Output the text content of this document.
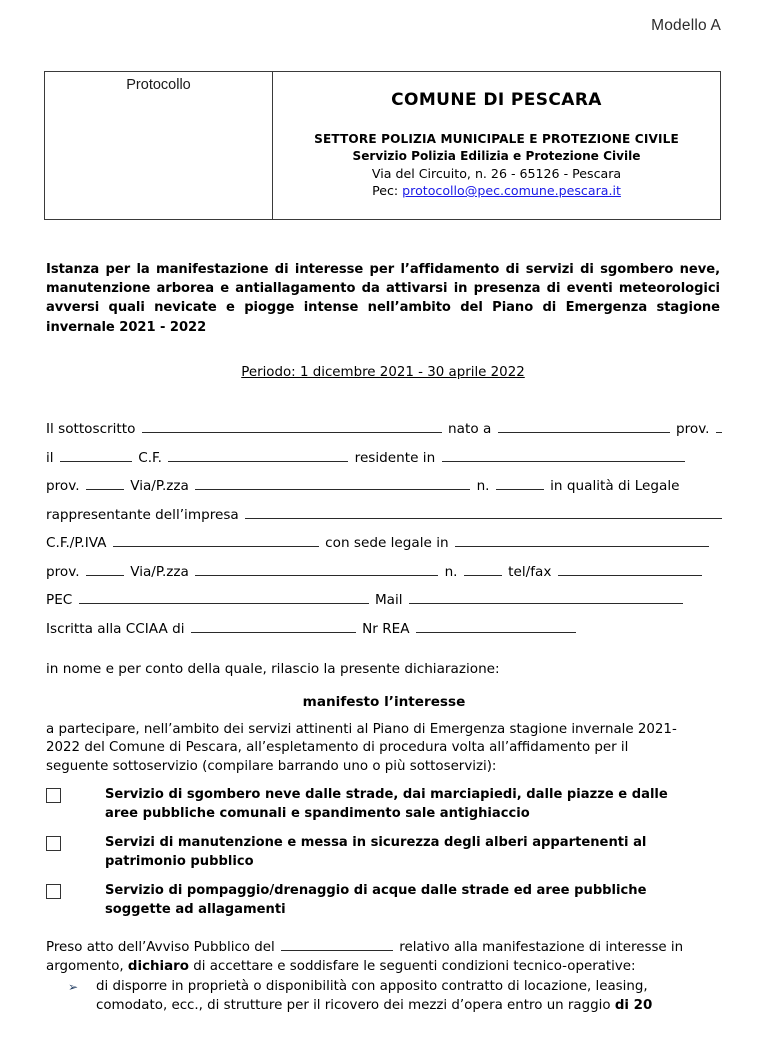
Modello A
Protocollo
COMUNE DI PESCARA
SETTORE POLIZIA MUNICIPALE E PROTEZIONE CIVILE
Servizio Polizia Edilizia e Protezione Civile
Via del Circuito, n. 26 - 65126 - Pescara
Pec: protocollo@pec.comune.pescara.it
Istanza per la manifestazione di interesse per l’affidamento di servizi di sgombero neve, manutenzione arborea e antiallagamento da attivarsi in presenza di eventi meteorologici avversi quali nevicate e piogge intense nell’ambito del Piano di Emergenza stagione invernale 2021 - 2022
Periodo: 1 dicembre 2021 - 30 aprile 2022
Il sottoscritto	nato a	prov.
il	C.F.	residente in
prov.	Via/P.zza	n.	in qualità di Legale
rappresentante dell’impresa
C.F./P.IVA	con sede legale in
prov.	Via/P.zza	n.	tel/fax
PEC	Mail
Iscritta alla CCIAA di	Nr REA
in nome e per conto della quale, rilascio la presente dichiarazione:
manifesto l’interesse
a partecipare, nell’ambito dei servizi attinenti al Piano di Emergenza stagione invernale 2021-
2022 del Comune di Pescara, all’espletamento di procedura volta all’affidamento per il
seguente sottoservizio (compilare barrando uno o più sottoservizi):
Servizio di sgombero neve dalle strade, dai marciapiedi, dalle piazze e dalle
aree pubbliche comunali e spandimento sale antighiaccio
Servizi di manutenzione e messa in sicurezza degli alberi appartenenti al
patrimonio pubblico
Servizio di pompaggio/drenaggio di acque dalle strade ed aree pubbliche
soggette ad allagamenti
Preso atto dell’Avviso Pubblico del	relativo alla manifestazione di interesse in
argomento, dichiaro di accettare e soddisfare le seguenti condizioni tecnico-operative:
➢	di disporre in proprietà o disponibilità con apposito contratto di locazione, leasing,
comodato, ecc., di strutture per il ricovero dei mezzi d’opera entro un raggio di 20
